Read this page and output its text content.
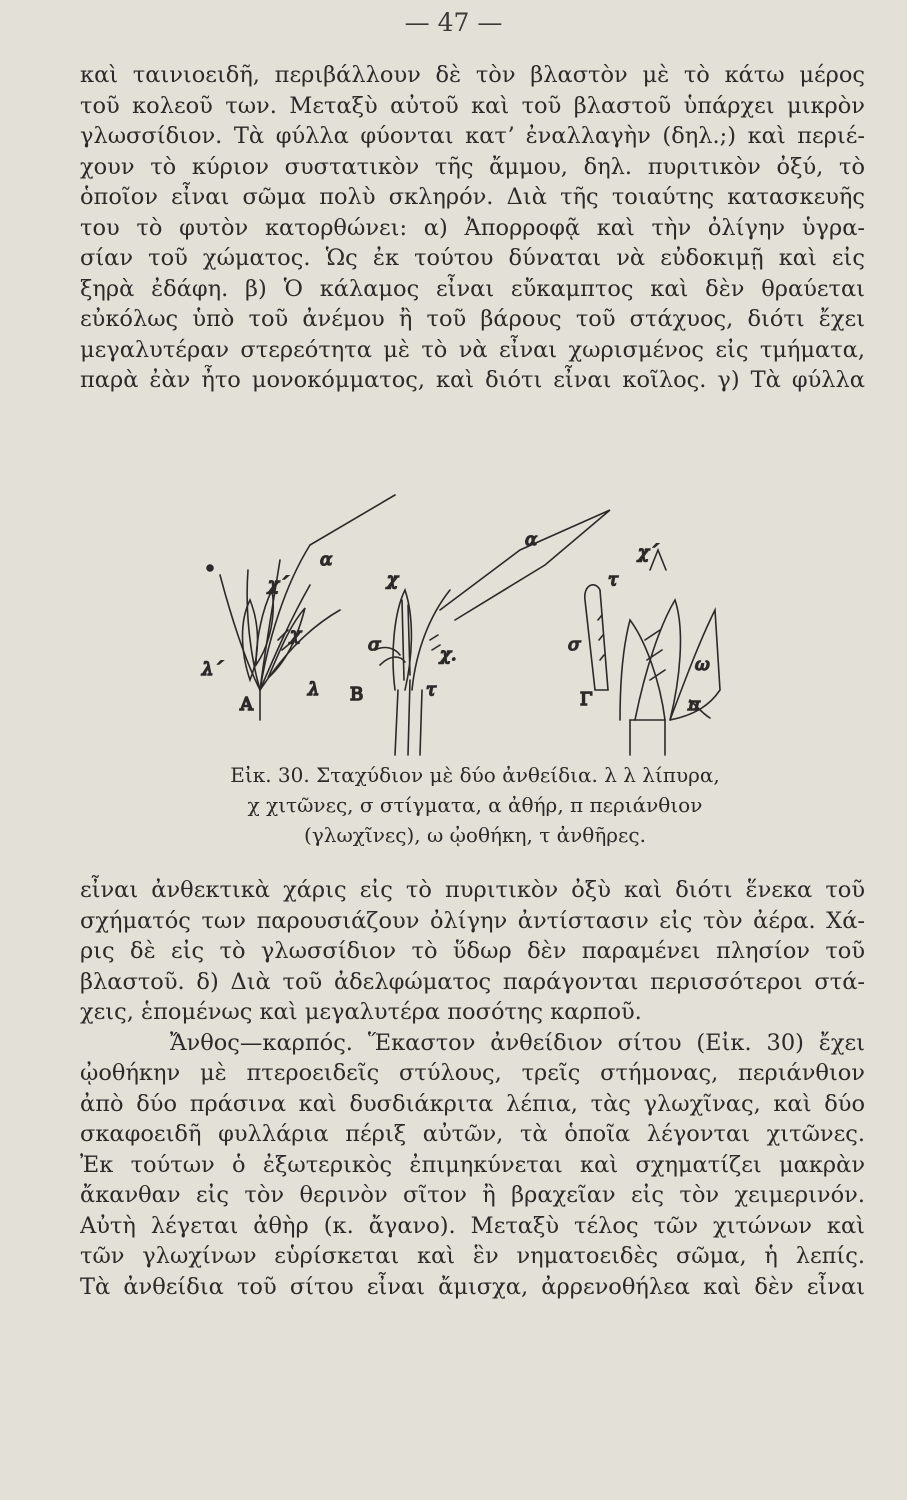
— 47 —
καὶ ταινιοειδῆ, περιβάλλουν δὲ τὸν βλαστὸν μὲ τὸ κάτω μέρος
τοῦ κολεοῦ των. Μεταξὺ αὐτοῦ καὶ τοῦ βλαστοῦ ὑπάρχει μικρὸν
γλωσσίδιον. Τὰ φύλλα φύονται κατʼ ἐναλλαγὴν (δηλ.;) καὶ περιέ-
χουν τὸ κύριον συστατικὸν τῆς ἄμμου, δηλ. πυριτικὸν ὀξύ, τὸ
ὁποῖον εἶναι σῶμα πολὺ σκληρόν. Διὰ τῆς τοιαύτης κατασκευῆς
του τὸ φυτὸν κατορθώνει: α) Ἀπορροφᾷ καὶ τὴν ὀλίγην ὑγρα-
σίαν τοῦ χώματος. Ὡς ἐκ τούτου δύναται νὰ εὐδοκιμῇ καὶ εἰς
ξηρὰ ἐδάφη. β) Ὁ κάλαμος εἶναι εὔκαμπτος καὶ δὲν θραύεται
εὐκόλως ὑπὸ τοῦ ἀνέμου ἢ τοῦ βάρους τοῦ στάχυος, διότι ἔχει
μεγαλυτέραν στερεότητα μὲ τὸ νὰ εἶναι χωρισμένος εἰς τμήματα,
παρὰ ἐὰν ἦτο μονοκόμματος, καὶ διότι εἶναι κοῖλος. γ) Τὰ φύλλα
α
α
χ΄
χ
λ΄
λ
χ
σ	χ.
τ
τ
χ΄
σ
ω
π
Α	Β	Γ
Εἰκ. 30. Σταχύδιον μὲ δύο ἀνθείδια. λ λ λίπυρα,
χ χιτῶνες, σ στίγματα, α ἀθήρ, π περιάνθιον
(γλωχῖνες), ω ᾠοθήκη, τ ἀνθῆρες.
εἶναι ἀνθεκτικὰ χάρις εἰς τὸ πυριτικὸν ὀξὺ καὶ διότι ἕνεκα τοῦ
σχήματός των παρουσιάζουν ὀλίγην ἀντίστασιν εἰς τὸν ἀέρα. Χά-
ρις δὲ εἰς τὸ γλωσσίδιον τὸ ὕδωρ δὲν παραμένει πλησίον τοῦ
βλαστοῦ. δ) Διὰ τοῦ ἀδελφώματος παράγονται περισσότεροι στά-
χεις, ἑπομένως καὶ μεγαλυτέρα ποσότης καρποῦ.
Ἄνθος—καρπός. Ἕκαστον ἀνθείδιον σίτου (Εἰκ. 30) ἔχει
ᾠοθήκην μὲ πτεροειδεῖς στύλους, τρεῖς στήμονας, περιάνθιον
ἀπὸ δύο πράσινα καὶ δυσδιάκριτα λέπια, τὰς γλωχῖνας, καὶ δύο
σκαφοειδῆ φυλλάρια πέριξ αὐτῶν, τὰ ὁποῖα λέγονται χιτῶνες.
Ἐκ τούτων ὁ ἐξωτερικὸς ἐπιμηκύνεται καὶ σχηματίζει μακρὰν
ἄκανθαν εἰς τὸν θερινὸν σῖτον ἢ βραχεῖαν εἰς τὸν χειμερινόν.
Αὐτὴ λέγεται ἀθὴρ (κ. ἄγανο). Μεταξὺ τέλος τῶν χιτώνων καὶ
τῶν γλωχίνων εὑρίσκεται καὶ ἓν νηματοειδὲς σῶμα, ἡ λεπίς.
Τὰ ἀνθείδια τοῦ σίτου εἶναι ἄμισχα, ἀρρενοθήλεα καὶ δὲν εἶναι
